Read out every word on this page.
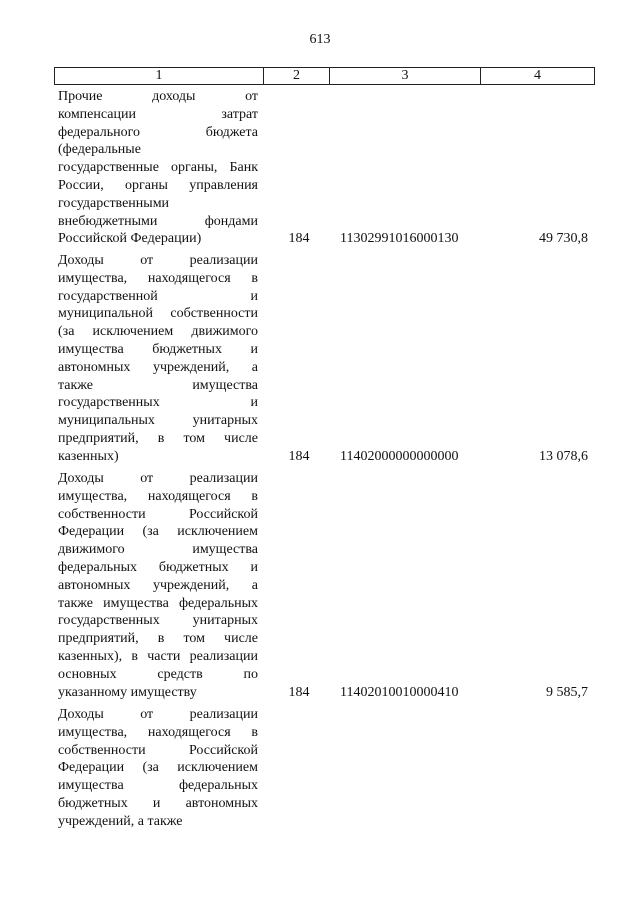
613
1	2	3	4
Прочие доходы от
компенсации затрат
федерального бюджета
(федеральные
государственные органы, Банк
России, органы управления
государственными
внебюджетными фондами
Российской Федерации)	184	11302991016000130	49 730,8
Доходы от реализации
имущества, находящегося в
государственной и
муниципальной собственности
(за исключением движимого
имущества бюджетных и
автономных учреждений, а
также имущества
государственных и
муниципальных унитарных
предприятий, в том числе
казенных)	184	11402000000000000	13 078,6
Доходы от реализации
имущества, находящегося в
собственности Российской
Федерации (за исключением
движимого имущества
федеральных бюджетных и
автономных учреждений, а
также имущества федеральных
государственных унитарных
предприятий, в том числе
казенных), в части реализации
основных средств по
указанному имуществу	184	11402010010000410	9 585,7
Доходы от реализации
имущества, находящегося в
собственности Российской
Федерации (за исключением
имущества федеральных
бюджетных и автономных
учреждений, а также
